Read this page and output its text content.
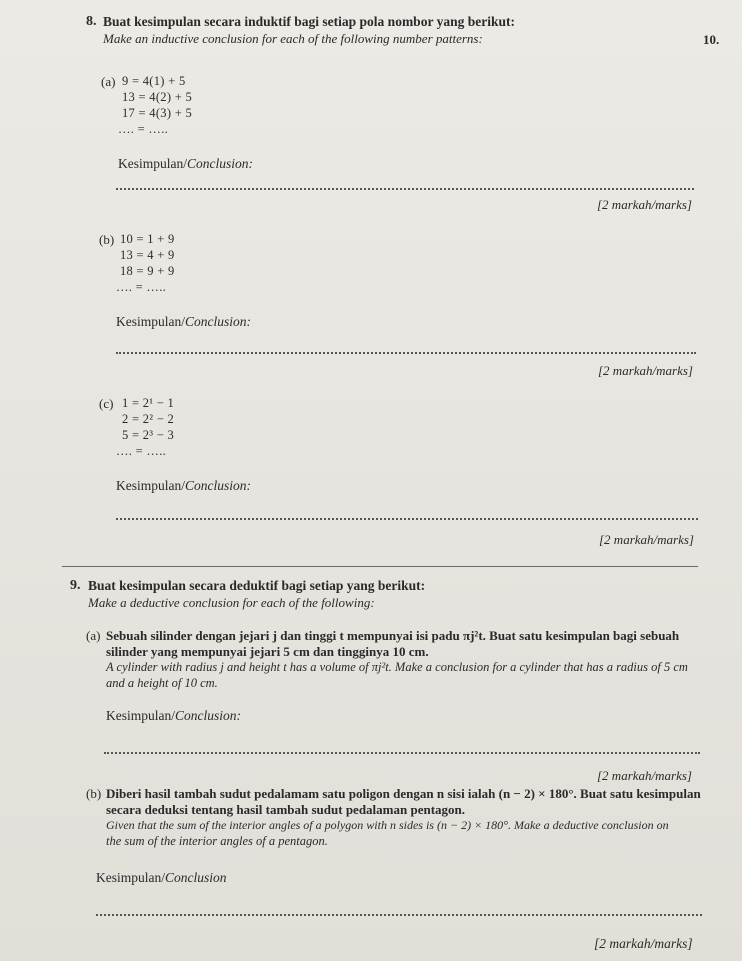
10.
8. Buat kesimpulan secara induktif bagi setiap pola nombor yang berikut:
Make an inductive conclusion for each of the following number patterns:
(a) 9 = 4(1) + 5
13 = 4(2) + 5
17 = 4(3) + 5
…. = …..
Kesimpulan/Conclusion:
[2 markah/marks]
(b) 10 = 1 + 9
13 = 4 + 9
18 = 9 + 9
…. = …..
Kesimpulan/Conclusion:
[2 markah/marks]
(c) 1 = 2¹ − 1
2 = 2² − 2
5 = 2³ − 3
…. = …..
Kesimpulan/Conclusion:
[2 markah/marks]
9. Buat kesimpulan secara deduktif bagi setiap yang berikut:
Make a deductive conclusion for each of the following:
(a) Sebuah silinder dengan jejari j dan tinggi t mempunyai isi padu πj²t. Buat satu kesimpulan bagi sebuah
silinder yang mempunyai jejari 5 cm dan tingginya 10 cm.
A cylinder with radius j and height t has a volume of πj²t. Make a conclusion for a cylinder that has a radius of 5 cm
and a height of 10 cm.
Kesimpulan/Conclusion:
[2 markah/marks]
(b) Diberi hasil tambah sudut pedalamam satu poligon dengan n sisi ialah (n − 2) × 180°. Buat satu kesimpulan
secara deduksi tentang hasil tambah sudut pedalaman pentagon.
Given that the sum of the interior angles of a polygon with n sides is (n − 2) × 180°. Make a deductive conclusion on
the sum of the interior angles of a pentagon.
Kesimpulan/Conclusion
[2 markah/marks]
